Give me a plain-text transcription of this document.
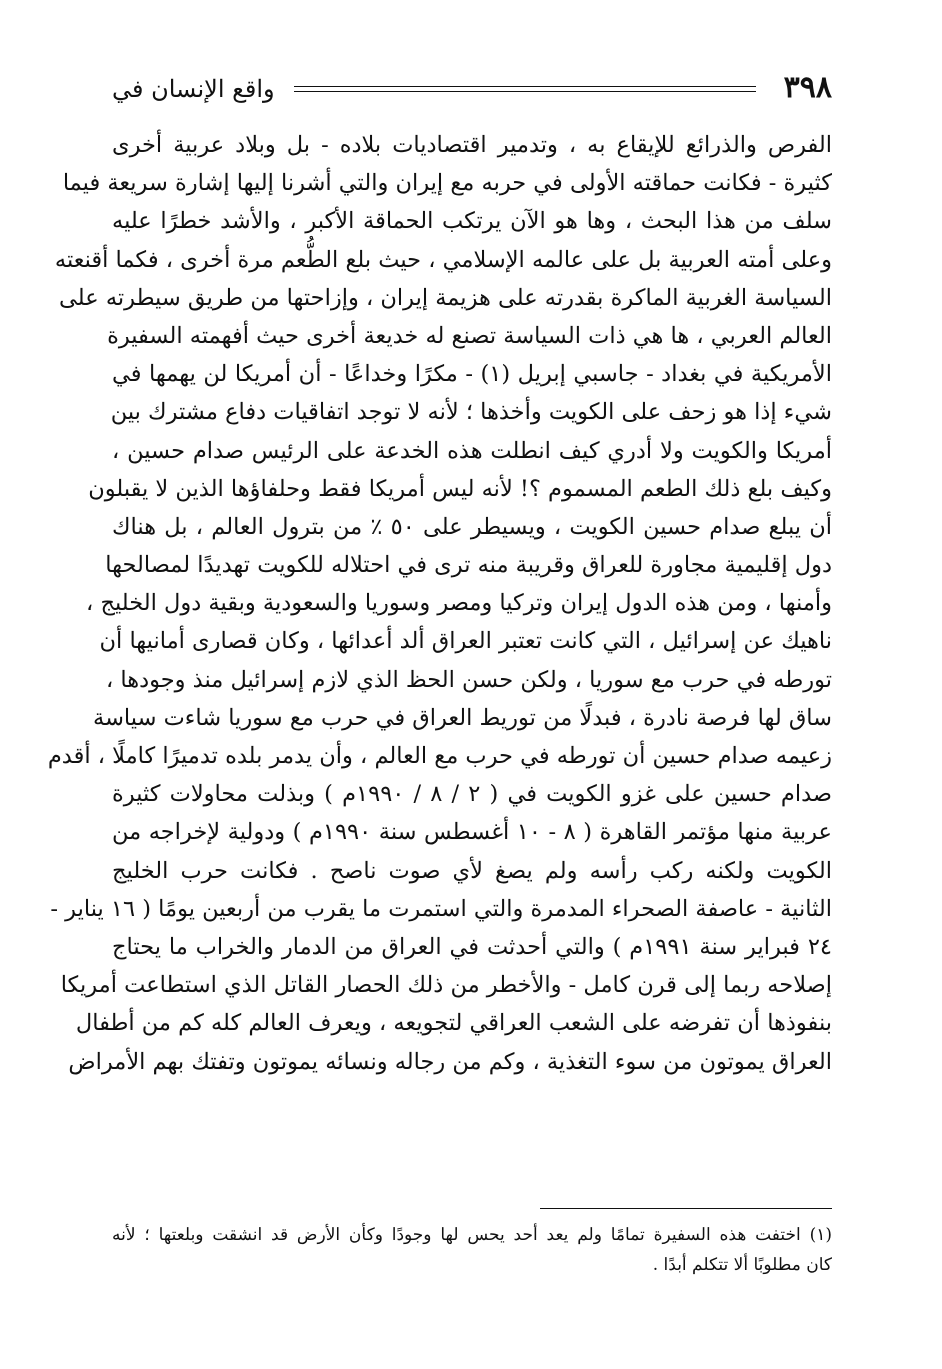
٣٩٨
واقع الإنسان في
الفرص والذرائع للإيقاع به ، وتدمير اقتصاديات بلاده - بل وبلاد عربية أخرى
كثيرة - فكانت حماقته الأولى في حربه مع إيران والتي أشرنا إليها إشارة سريعة فيما
سلف من هذا البحث ، وها هو الآن يرتكب الحماقة الأكبر ، والأشد خطرًا عليه
وعلى أمته العربية بل على عالمه الإسلامي ، حيث بلع الطُّعم مرة أخرى ، فكما أقنعته
السياسة الغربية الماكرة بقدرته على هزيمة إيران ، وإزاحتها من طريق سيطرته على
العالم العربي ، ها هي ذات السياسة تصنع له خديعة أخرى حيث أفهمته السفيرة
الأمريكية في بغداد - جاسبي إبريل (١) - مكرًا وخداعًا - أن أمريكا لن يهمها في
شيء إذا هو زحف على الكويت وأخذها ؛ لأنه لا توجد اتفاقيات دفاع مشترك بين
أمريكا والكويت ولا أدري كيف انطلت هذه الخدعة على الرئيس صدام حسين ،
وكيف بلع ذلك الطعم المسموم ؟! لأنه ليس أمريكا فقط وحلفاؤها الذين لا يقبلون
أن يبلع صدام حسين الكويت ، ويسيطر على ٥٠ ٪ من بترول العالم ، بل هناك
دول إقليمية مجاورة للعراق وقريبة منه ترى في احتلاله للكويت تهديدًا لمصالحها
وأمنها ، ومن هذه الدول إيران وتركيا ومصر وسوريا والسعودية وبقية دول الخليج ،
ناهيك عن إسرائيل ، التي كانت تعتبر العراق ألد أعدائها ، وكان قصارى أمانيها أن
تورطه في حرب مع سوريا ، ولكن حسن الحظ الذي لازم إسرائيل منذ وجودها ،
ساق لها فرصة نادرة ، فبدلًا من توريط العراق في حرب مع سوريا شاءت سياسة
زعيمه صدام حسين أن تورطه في حرب مع العالم ، وأن يدمر بلده تدميرًا كاملًا ، أقدم
صدام حسين على غزو الكويت في ( ٢ / ٨ / ١٩٩٠م ) وبذلت محاولات كثيرة
عربية منها مؤتمر القاهرة ( ٨ - ١٠ أغسطس سنة ١٩٩٠م ) ودولية لإخراجه من
الكويت ولكنه ركب رأسه ولم يصغ لأي صوت ناصح . فكانت حرب الخليج
الثانية - عاصفة الصحراء المدمرة والتي استمرت ما يقرب من أربعين يومًا ( ١٦ يناير -
٢٤ فبراير سنة ١٩٩١م ) والتي أحدثت في العراق من الدمار والخراب ما يحتاج
إصلاحه ربما إلى قرن كامل - والأخطر من ذلك الحصار القاتل الذي استطاعت أمريكا
بنفوذها أن تفرضه على الشعب العراقي لتجويعه ، ويعرف العالم كله كم من أطفال
العراق يموتون من سوء التغذية ، وكم من رجاله ونسائه يموتون وتفتك بهم الأمراض
(١) اختفت هذه السفيرة تمامًا ولم يعد أحد يحس لها وجودًا وكأن الأرض قد انشقت وبلعتها ؛ لأنه
كان مطلوبًا ألا تتكلم أبدًا .
